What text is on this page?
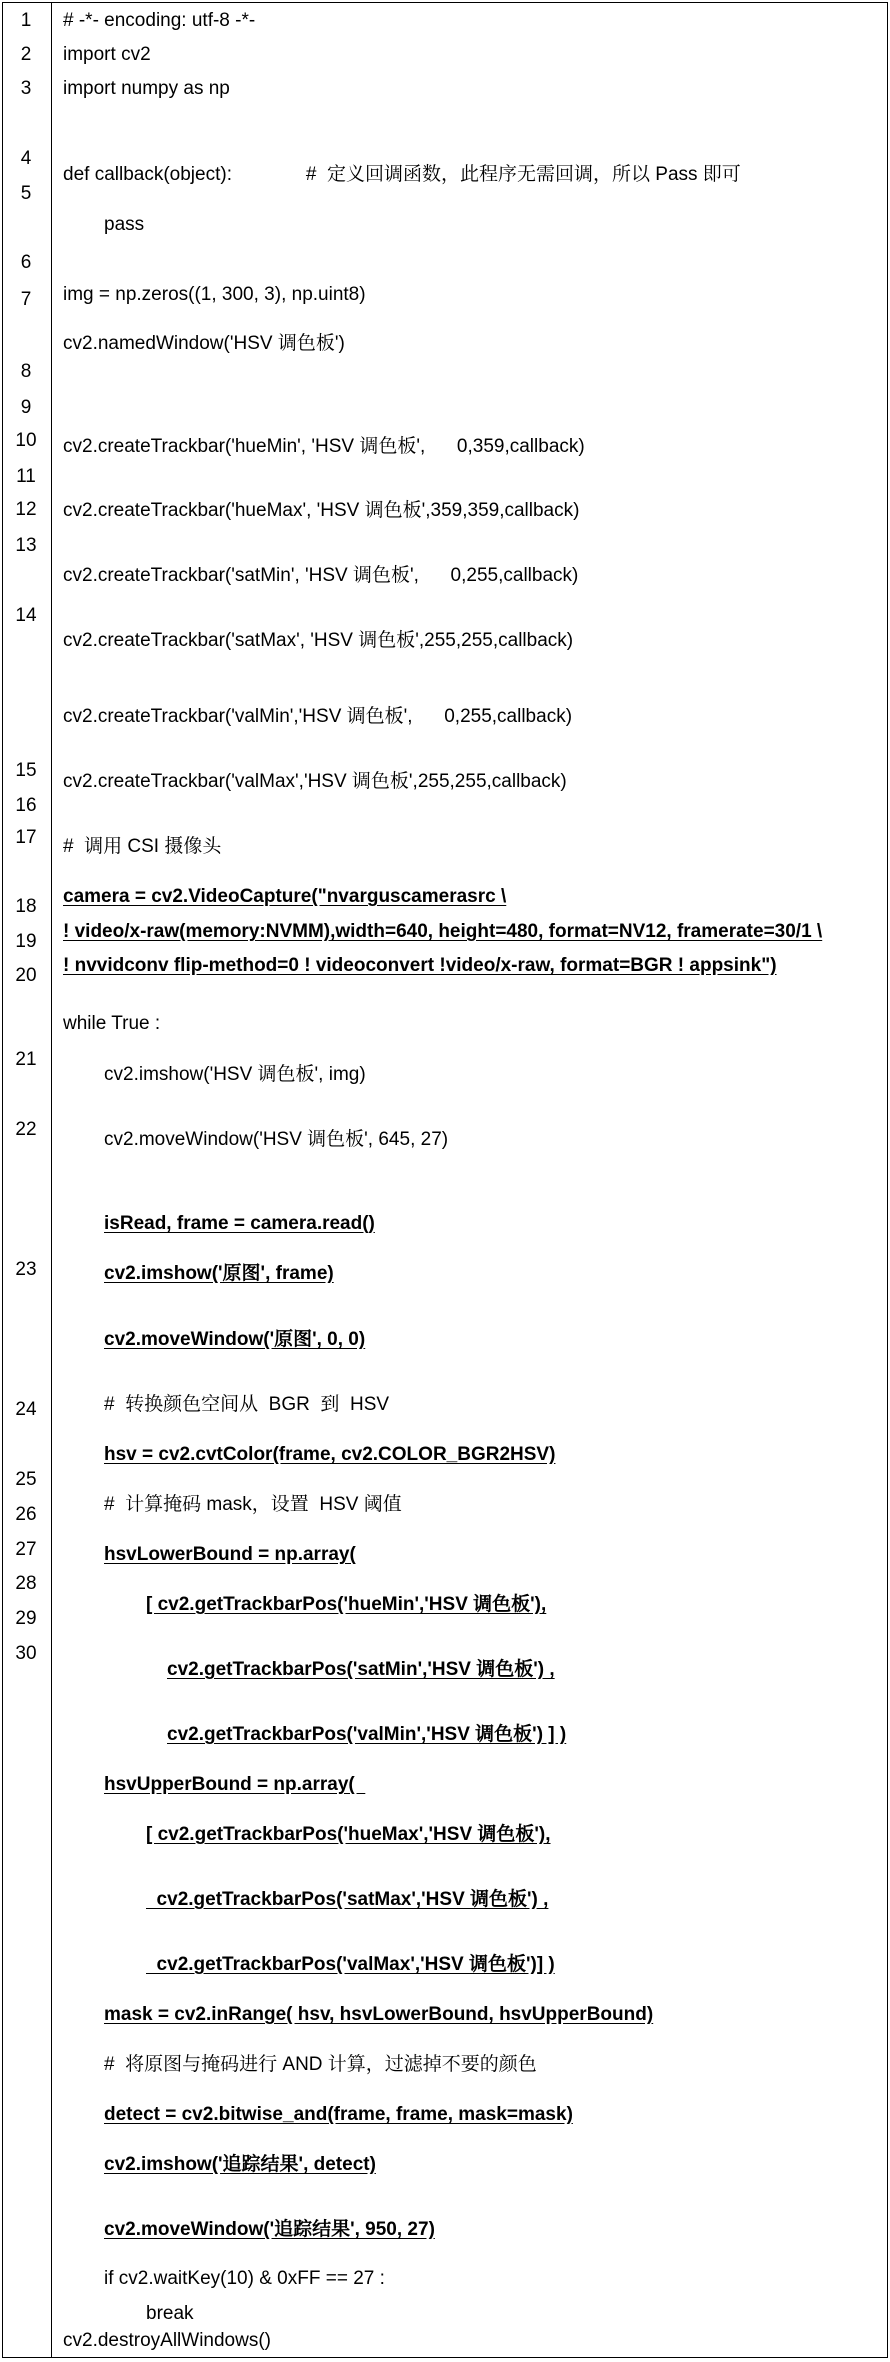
1
2
3
4
5
6
7
8
9
10
11
12
13
14
15
16
17
18
19
20
21
22
23
24
25
26
27
28
29
30
# -*- encoding: utf-8 -*-
import cv2
import numpy as np
def callback(object):              #  定义回调函数，此程序无需回调，所以 Pass 即可
pass
img = np.zeros((1, 300, 3), np.uint8)
cv2.namedWindow('HSV 调色板')
cv2.createTrackbar('hueMin', 'HSV 调色板',      0,359,callback)
cv2.createTrackbar('hueMax', 'HSV 调色板',359,359,callback)
cv2.createTrackbar('satMin', 'HSV 调色板',      0,255,callback)
cv2.createTrackbar('satMax', 'HSV 调色板',255,255,callback)
cv2.createTrackbar('valMin','HSV 调色板',      0,255,callback)
cv2.createTrackbar('valMax','HSV 调色板',255,255,callback)
#  调用 CSI 摄像头
camera = cv2.VideoCapture("nvarguscamerasrc \
! video/x-raw(memory:NVMM),width=640, height=480, format=NV12, framerate=30/1 \
! nvvidconv flip-method=0 ! videoconvert !video/x-raw, format=BGR ! appsink")
while True :
cv2.imshow('HSV 调色板', img)
cv2.moveWindow('HSV 调色板', 645, 27)
isRead, frame = camera.read()
cv2.imshow('原图', frame)
cv2.moveWindow('原图', 0, 0)
#  转换颜色空间从  BGR  到  HSV
hsv = cv2.cvtColor(frame, cv2.COLOR_BGR2HSV)
#  计算掩码 mask，设置  HSV 阈值
hsvLowerBound = np.array(
[ cv2.getTrackbarPos('hueMin','HSV 调色板'),
cv2.getTrackbarPos('satMin','HSV 调色板') ,
cv2.getTrackbarPos('valMin','HSV 调色板') ] )
hsvUpperBound = np.array(
[ cv2.getTrackbarPos('hueMax','HSV 调色板'),
cv2.getTrackbarPos('satMax','HSV 调色板') ,
cv2.getTrackbarPos('valMax','HSV 调色板')] )
mask = cv2.inRange( hsv, hsvLowerBound, hsvUpperBound)
#  将原图与掩码进行 AND 计算，过滤掉不要的颜色
detect = cv2.bitwise_and(frame, frame, mask=mask)
cv2.imshow('追踪结果', detect)
cv2.moveWindow('追踪结果', 950, 27)
if cv2.waitKey(10) & 0xFF == 27 :
break
cv2.destroyAllWindows()
